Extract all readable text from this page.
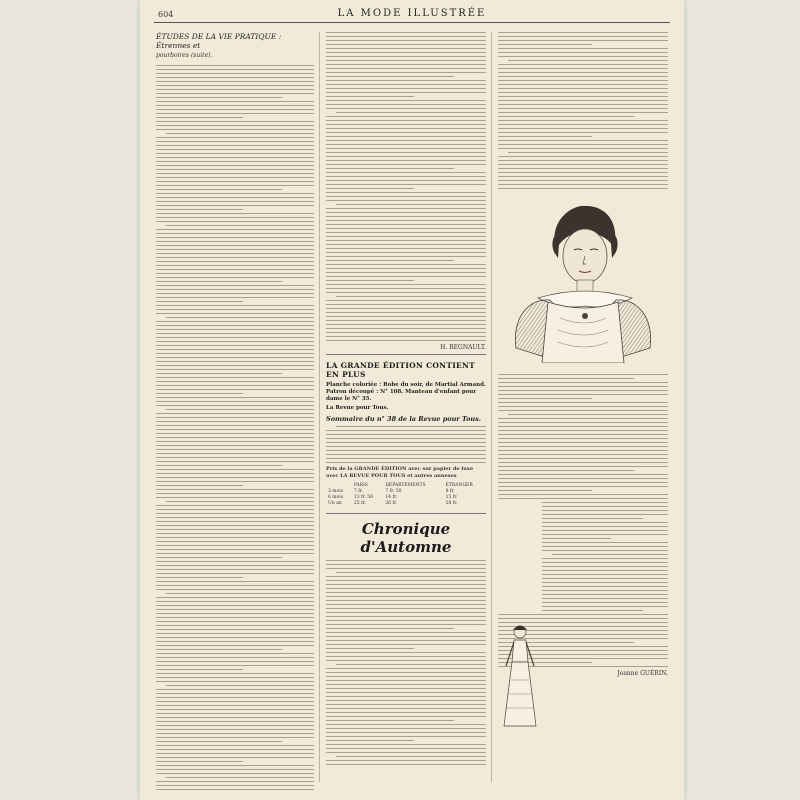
604	LA MODE ILLUSTRÉE
ÉTUDES DE LA VIE PRATIQUE : Étrennes et
pourboires (suite).
H. REGNAULT.
LA GRANDE ÉDITION CONTIENT EN PLUS
Planche coloriée : Robe du soir, de Martial Armand.
Patron découpé : N° 108. Manteau d'enfant pour dame le N° 35.
La Revue pour Tous.
Sommaire du n° 38 de la Revue pour Tous.
Prix de la GRANDE ÉDITION avec sur papier de luxe avec LA REVUE POUR TOUS et autres annexes
	PARIS	DÉPARTEMENTS	ÉTRANGER
3 mois	7 fr.	7 fr. 50	8 fr.
6 mois	13 fr. 50	14 fr.	15 fr.
Un an	25 fr.	26 fr.	28 fr.
Chronique d'Automne
Jeanne GUÉRIN.
